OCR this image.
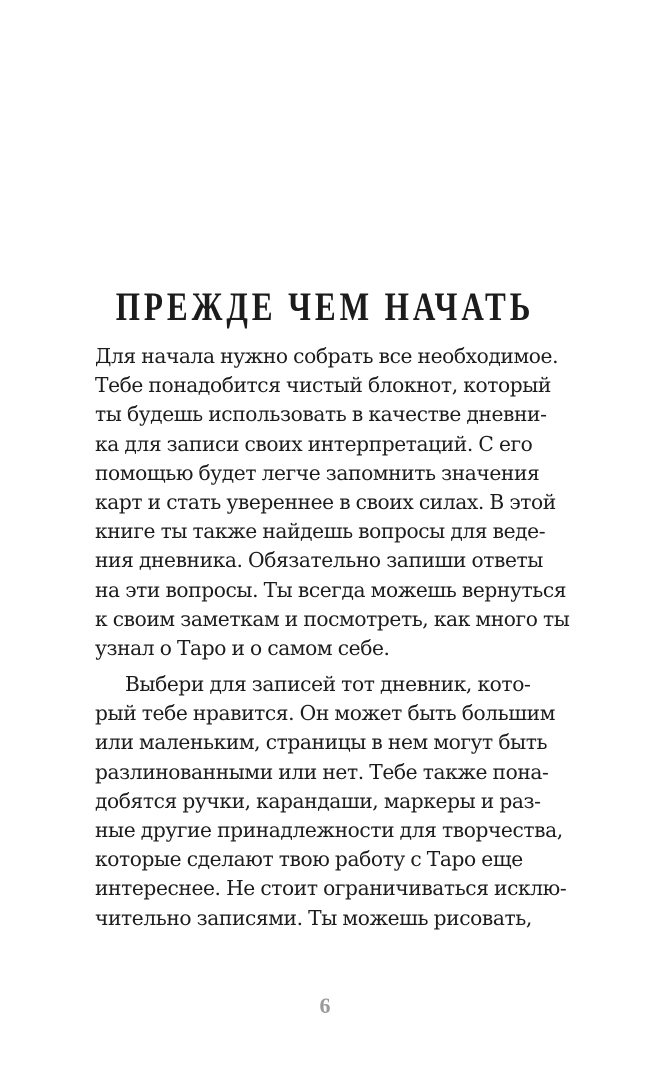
ПРЕЖДЕ ЧЕМ НАЧАТЬ
Для начала нужно собрать все необходимое.
Тебе понадобится чистый блокнот, который
ты будешь использовать в качестве дневни-
ка для записи своих интерпретаций. С его
помощью будет легче запомнить значения
карт и стать увереннее в своих силах. В этой
книге ты также найдешь вопросы для веде-
ния дневника. Обязательно запиши ответы
на эти вопросы. Ты всегда можешь вернуться
к своим заметкам и посмотреть, как много ты
узнал о Таро и о самом себе.
Выбери для записей тот дневник, кото-
рый тебе нравится. Он может быть большим
или маленьким, страницы в нем могут быть
разлинованными или нет. Тебе также пона-
добятся ручки, карандаши, маркеры и раз-
ные другие принадлежности для творчества,
которые сделают твою работу с Таро еще
интереснее. Не стоит ограничиваться исклю-
чительно записями. Ты можешь рисовать,
6
